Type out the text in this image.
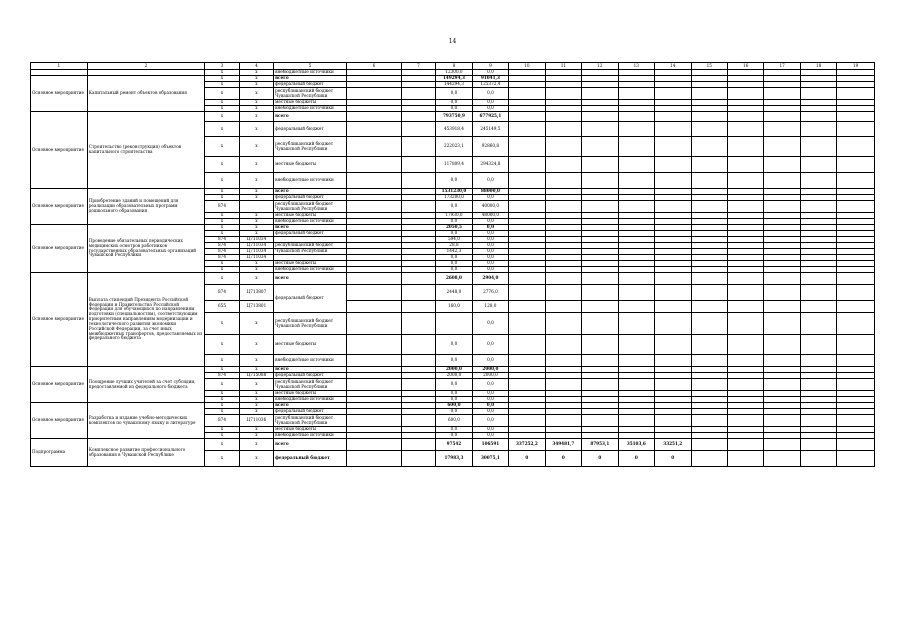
14
1	2	3	4	5	6	7	8	9	10	11	12	13	14	15	16	17	18	19
		x	x	внебюджетные источники			12300,0	0,0										
Основное мероприятие	Капитальный ремонт объектов образования	x	x	всего			149294,3	91041,3										
		x	x	федеральный бюджет			144294,3	125372,4										
		x	x	республиканский бюджет Чувашской Республики			0,0	0,0										
		x	x	местные бюджеты			0,0	0,0										
		x	x	внебюджетные источники			0,0	0,0										
Основное мероприятие	Строительство (реконструкция) объектов капитального строительства	x	x	всего			793750,9	677925,1										
		x	x	федеральный бюджет			453918,4	245149,5										
		x	x	республиканский бюджет Чувашской Республики			222023,1	92860,8										
		x	x	местные бюджеты			117809,4	294324,8										
		x	x	внебюджетные источники			0,0	0,0										
Основное мероприятие	Приобретение зданий и помещений для реализации образовательных программ дошкольного образования	x	x	всего			1531230,0	88000,0										
		x	x	федеральный бюджет			173200,0	0,0										
		874		республиканский бюджет Чувашской Республики			0,0	40000,0										
		x	x	местные бюджеты			17930,0	48000,0										
		x	x	внебюджетные источники			0,0	0,0										
Основное мероприятие	Проведение обязательных периодических медицинских осмотров работников государственных образовательных организаций Чувашской Республики	x	x	всего			2050,5	0,0										
		x	x	федеральный бюджет			0,0	0,0										
		874	Ц711034				594,0	0,0										
		874	Ц711034	республиканский бюджет			28,8	0,0										
		874	Ц711034	Чувашской Республики			1442,3	0,0										
		874	Ц711034				0,0	0,0										
		x	x	местные бюджеты			0,0	0,0										
		x	x	внебюджетные источники			0,0	0,0										
Основное мероприятие	Выплата стипендий Президента Российской Федерации и Правительства Российской Федерации для обучающихся по направлениям подготовки (специальностям), соответствующим приоритетным направлениям модернизации и технологического развития экономики Российской Федерации, за счет иных межбюджетных трансфертов, предоставляемых из федерального бюджета	x	x	всего			2608,0	2904,0										
		874	Ц713807	федеральный бюджет			2448,0	2776,0										
		655	Ц713801				160,0	128,0										
		x	x	республиканский бюджет Чувашской Республики				0,0										
		x	x	местные бюджеты			0,0	0,0										
		x	x	внебюджетные источники			0,0	0,0										
Основное мероприятие	Поощрение лучших учителей за счет субсидии, предоставляемой из федерального бюджета	x	x	всего			2000,0	2000,0										
		874	Ц715088	федеральный бюджет			2000,0	2000,0										
		x	x	республиканский бюджет Чувашской Республики			0,0	0,0										
		x	x	местные бюджеты			0,0	0,0										
		x	x	внебюджетные источники			0,0	0,0										
Основное мероприятие	Разработка и издание учебно-методических комплектов по чувашскому языку и литературе	x	x	всего			600,0	0,0										
		x	x	федеральный бюджет			0,0	0,0										
		874	Ц711036	республиканский бюджет Чувашской Республики			600,0	0,0										
		x	x	местные бюджеты			0,0	0,0										
		x	x	внебюджетные источники			0,0	0,0										
Подпрограмма	Комплексное развитие профессионального образования в Чувашской Республике	x	x	всего			97542	106591	337252,2	349481,7	87953,1	35103,6	33251,2					
		x	x	федеральный бюджет			17983,3	30075,1	0	0	0	0	0					
